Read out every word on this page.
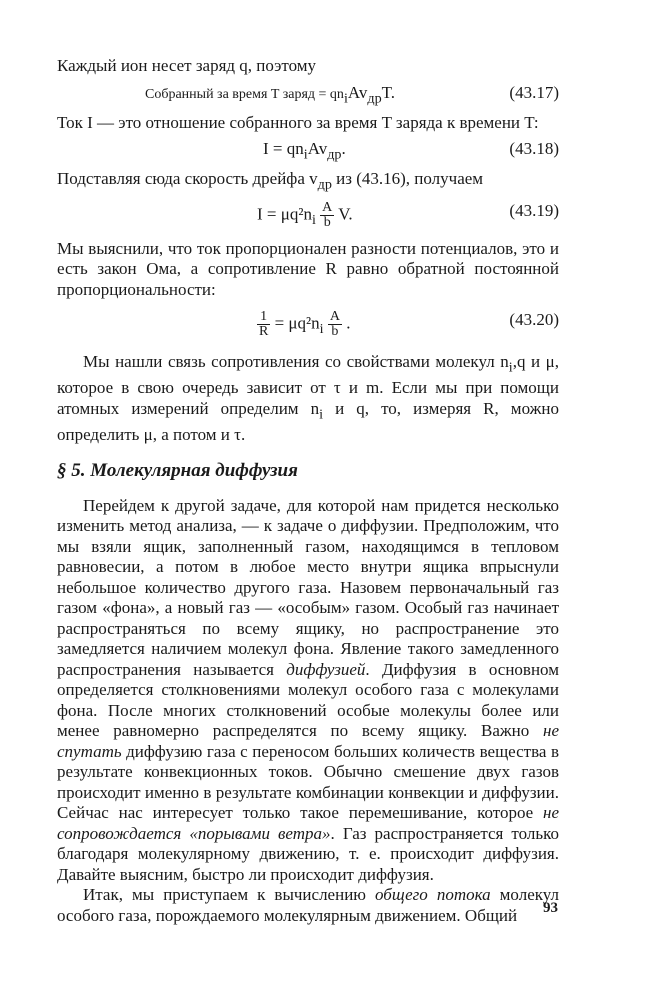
Каждый ион несет заряд q, поэтому

Собранный за время T заряд = $qn_iAv_{др}T$.	(43.17)

Ток I — это отношение собранного за время T заряда к времени T:

$I = qn_iAv_{др}$.	(43.18)

Подставляя сюда скорость дрейфа $v_{др}$ из (43.16), получаем

$I = \mu q^2n_i \frac{A}{b} V$.	(43.19)

Мы выяснили, что ток пропорционален разности потенциалов, это и есть закон Ома, а сопротивление R равно обратной постоянной пропорциональности:

$\frac{1}{R} = \mu q^2n_i \frac{A}{b}$ .	(43.20)

Мы нашли связь сопротивления со свойствами молекул $n_i,q$ и μ, которое в свою очередь зависит от τ и m. Если мы при помощи атомных измерений определим $n_i$ и q, то, измеряя R, можно определить μ, а потом и τ.

§ 5. Молекулярная диффузия

Перейдем к другой задаче, для которой нам придется несколько изменить метод анализа, — к задаче о диффузии. Предположим, что мы взяли ящик, заполненный газом, находящимся в тепловом равновесии, а потом в любое место внутри ящика впрыснули небольшое количество другого газа. Назовем первоначальный газ газом «фона», а новый газ — «особым» газом. Особый газ начинает распространяться по всему ящику, но распространение это замедляется наличием молекул фона. Явление такого замедленного распространения называется диффузией. Диффузия в основном определяется столкновениями молекул особого газа с молекулами фона. После многих столкновений особые молекулы более или менее равномерно распределятся по всему ящику. Важно не спутать диффузию газа с переносом больших количеств вещества в результате конвекционных токов. Обычно смешение двух газов происходит именно в результате комбинации конвекции и диффузии. Сейчас нас интересует только такое перемешивание, которое не сопровождается «порывами ветра». Газ распространяется только благодаря молекулярному движению, т. е. происходит диффузия. Давайте выясним, быстро ли происходит диффузия.

Итак, мы приступаем к вычислению общего потока молекул особого газа, порождаемого молекулярным движением. Общий	93
